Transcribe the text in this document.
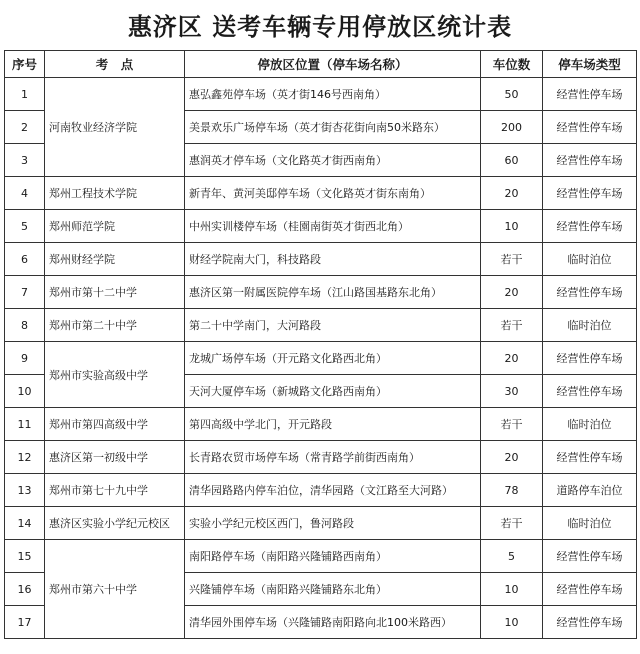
惠济区 送考车辆专用停放区统计表
序号	考　点	停放区位置（停车场名称）	车位数	停车场类型
1	河南牧业经济学院	惠弘鑫苑停车场（英才街146号西南角）	50	经营性停车场
2		美景欢乐广场停车场（英才街杏花街向南50米路东）	200	经营性停车场
3		惠润英才停车场（文化路英才街西南角）	60	经营性停车场
4	郑州工程技术学院	新青年、黄河美邸停车场（文化路英才街东南角）	20	经营性停车场
5	郑州师范学院	中州实训楼停车场（桂園南街英才街西北角）	10	经营性停车场
6	郑州财经学院	财经学院南大门，科技路段	若干	临时泊位
7	郑州市第十二中学	惠济区第一附属医院停车场（江山路国基路东北角）	20	经营性停车场
8	郑州市第二十中学	第二十中学南门，大河路段	若干	临时泊位
9	郑州市实验高级中学	龙城广场停车场（开元路文化路西北角）	20	经营性停车场
10		天河大厦停车场（新城路文化路西南角）	30	经营性停车场
11	郑州市第四高级中学	第四高级中学北门，开元路段	若干	临时泊位
12	惠济区第一初级中学	长青路农贸市场停车场（常青路学前街西南角）	20	经营性停车场
13	郑州市第七十九中学	清华园路路内停车泊位，清华园路（文江路至大河路）	78	道路停车泊位
14	惠济区实验小学纪元校区	实验小学纪元校区西门，鲁河路段	若干	临时泊位
15	郑州市第六十中学	南阳路停车场（南阳路兴隆铺路西南角）	5	经营性停车场
16		兴隆铺停车场（南阳路兴隆铺路东北角）	10	经营性停车场
17		清华园外围停车场（兴隆铺路南阳路向北100米路西）	10	经营性停车场
